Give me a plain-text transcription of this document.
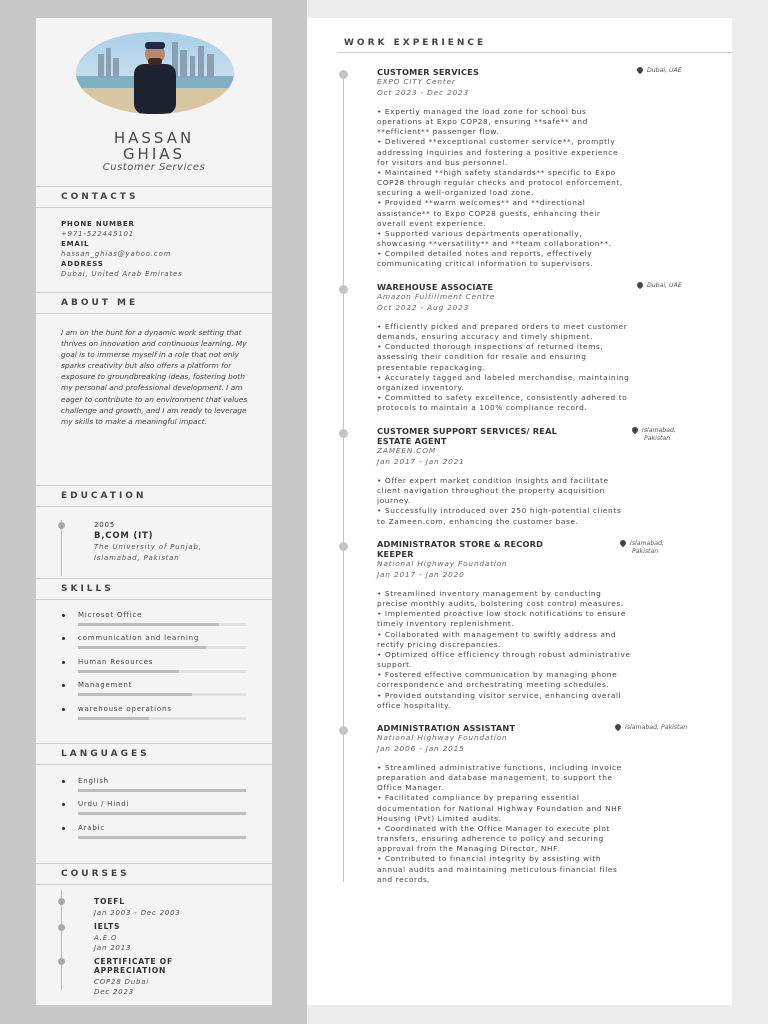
HASSAN
GHIAS
Customer Services
CONTACTS
PHONE NUMBER
+971-522445101
EMAIL
hassan_ghias@yahoo.com
ADDRESS
Dubai, United Arab Emirates
ABOUT ME
I am on the hunt for a dynamic work setting that thrives on innovation and continuous learning. My goal is to immerse myself in a role that not only sparks creativity but also offers a platform for exposure to groundbreaking ideas, fostering both my personal and professional development. I am eager to contribute to an environment that values challenge and growth, and I am ready to leverage my skills to make a meaningful impact.
EDUCATION
2005
B,COM (IT)
The University of Punjab,
Islamabad, Pakistan
SKILLS
Microsot Office
communication and learning
Human Resources
Management
warehouse operations
LANGUAGES
English
Urdu / Hindi
Arabic
COURSES
TOEFL
Jan 2003 - Dec 2003
IELTS
A.E.O
Jan 2013
CERTIFICATE OF
APPRECIATION
COP28 Dubai
Dec 2023
WORK EXPERIENCE
CUSTOMER SERVICES
EXPO CITY Center
Oct 2023 - Dec 2023
Dubai, UAE
• Expertly managed the load zone for school bus
operations at Expo COP28, ensuring **safe** and
**efficient** passenger flow.
• Delivered **exceptional customer service**, promptly
addressing inquiries and fostering a positive experience
for visitors and bus personnel.
• Maintained **high safety standards** specific to Expo
COP28 through regular checks and protocol enforcement,
securing a well-organized load zone.
• Provided **warm welcomes** and **directional
assistance** to Expo COP28 guests, enhancing their
overall event experience.
• Supported various departments operationally,
showcasing **versatility** and **team collaboration**.
• Compiled detailed notes and reports, effectively
communicating critical information to supervisors.
WAREHOUSE ASSOCIATE
Amazon Fulfillment Centre
Oct 2022 - Aug 2023
Dubai, UAE
• Efficiently picked and prepared orders to meet customer
demands, ensuring accuracy and timely shipment.
• Conducted thorough inspections of returned items,
assessing their condition for resale and ensuring
presentable repackaging.
• Accurately tagged and labeled merchandise, maintaining
organized inventory.
• Committed to safety excellence, consistently adhered to
protocols to maintain a 100% compliance record.
CUSTOMER SUPPORT SERVICES/ REAL
ESTATE AGENT
ZAMEEN.COM
Jan 2017 - Jan 2021
Islamabad,
Pakistan
• Offer expert market condition insights and facilitate
client navigation throughout the property acquisition
journey.
• Successfully introduced over 250 high-potential clients
to Zameen.com, enhancing the customer base.
ADMINISTRATOR STORE & RECORD
KEEPER
National Highway Foundation
Jan 2017 - Jan 2020
Islamabad,
Pakistan
• Streamlined inventory management by conducting
precise monthly audits, bolstering cost control measures.
• Implemented proactive low stock notifications to ensure
timely inventory replenishment.
• Collaborated with management to swiftly address and
rectify pricing discrepancies.
• Optimized office efficiency through robust administrative
support.
• Fostered effective communication by managing phone
correspondence and orchestrating meeting schedules.
• Provided outstanding visitor service, enhancing overall
office hospitality.
ADMINISTRATION ASSISTANT
National Highway Foundation
Jan 2006 - Jan 2015
Islamabad, Pakistan
• Streamlined administrative functions, including invoice
preparation and database management, to support the
Office Manager.
• Facilitated compliance by preparing essential
documentation for National Highway Foundation and NHF
Housing (Pvt) Limited audits.
• Coordinated with the Office Manager to execute plot
transfers, ensuring adherence to policy and securing
approval from the Managing Director, NHF.
• Contributed to financial integrity by assisting with
annual audits and maintaining meticulous financial files
and records.
